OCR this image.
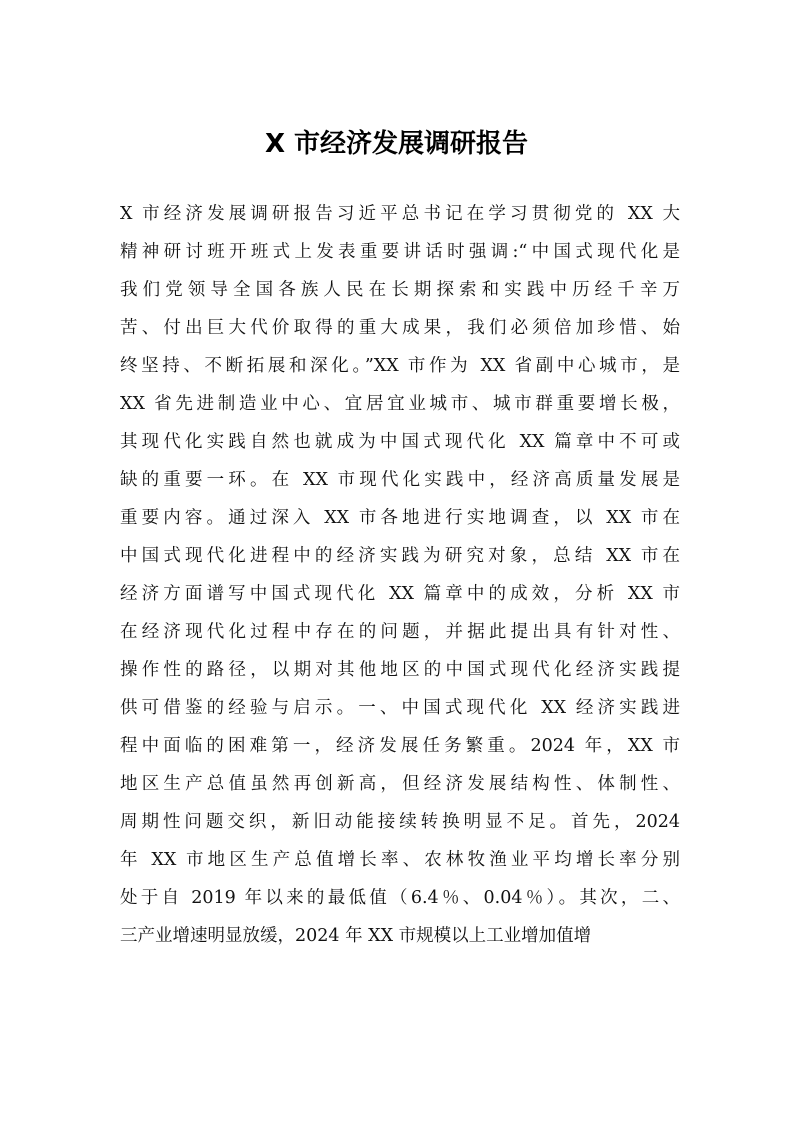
X 市经济发展调研报告
X 市经济发展调研报告习近平总书记在学习贯彻党的 XX 大
精神研讨班开班式上发表重要讲话时强调:“中国式现代化是
我们党领导全国各族人民在长期探索和实践中历经千辛万
苦、付出巨大代价取得的重大成果，我们必须倍加珍惜、始
终坚持、不断拓展和深化。”XX 市作为 XX 省副中心城市，是
XX 省先进制造业中心、宜居宜业城市、城市群重要增长极，
其现代化实践自然也就成为中国式现代化 XX 篇章中不可或
缺的重要一环。在 XX 市现代化实践中，经济高质量发展是
重要内容。通过深入 XX 市各地进行实地调查，以 XX 市在
中国式现代化进程中的经济实践为研究对象，总结 XX 市在
经济方面谱写中国式现代化 XX 篇章中的成效，分析 XX 市
在经济现代化过程中存在的问题，并据此提出具有针对性、
操作性的路径，以期对其他地区的中国式现代化经济实践提
供可借鉴的经验与启示。一、中国式现代化 XX 经济实践进
程中面临的困难第一，经济发展任务繁重。2024 年，XX 市
地区生产总值虽然再创新高，但经济发展结构性、体制性、
周期性问题交织，新旧动能接续转换明显不足。首先，2024
年 XX 市地区生产总值增长率、农林牧渔业平均增长率分别
处于自 2019 年以来的最低值（6.4％、0.04％）。其次，二、
三产业增速明显放缓，2024 年 XX 市规模以上工业增加值增
